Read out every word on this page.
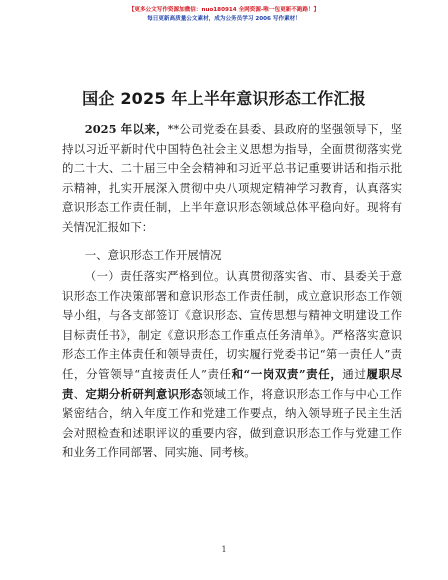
【更多公文写作资源加微信：nuo180914 全网资源-唯一包更新不跑路！】
每日更新高质量公文素材，成为公务员学习 2006 写作素材！
国企 2025 年上半年意识形态工作汇报

2025 年以来，**公司党委在县委、县政府的坚强领导下，坚持以习近平新时代中国特色社会主义思想为指导，全面贯彻落实党的二十大、二十届三中全会精神和习近平总书记重要讲话和指示批示精神，扎实开展深入贯彻中央八项规定精神学习教育，认真落实意识形态工作责任制，上半年意识形态领域总体平稳向好。现将有关情况汇报如下：

一、意识形态工作开展情况

（一）责任落实严格到位。认真贯彻落实省、市、县委关于意识形态工作决策部署和意识形态工作责任制，成立意识形态工作领导小组，与各支部签订《意识形态、宣传思想与精神文明建设工作目标责任书》，制定《意识形态工作重点任务清单》。严格落实意识形态工作主体责任和领导责任，切实履行党委书记“第一责任人”责任，分管领导“直接责任人”责任和“一岗双责”责任，通过履职尽责、定期分析研判意识形态领域工作，将意识形态工作与中心工作紧密结合，纳入年度工作和党建工作要点，纳入领导班子民主生活会对照检查和述职评议的重要内容，做到意识形态工作与党建工作和业务工作同部署、同实施、同考核。

1
